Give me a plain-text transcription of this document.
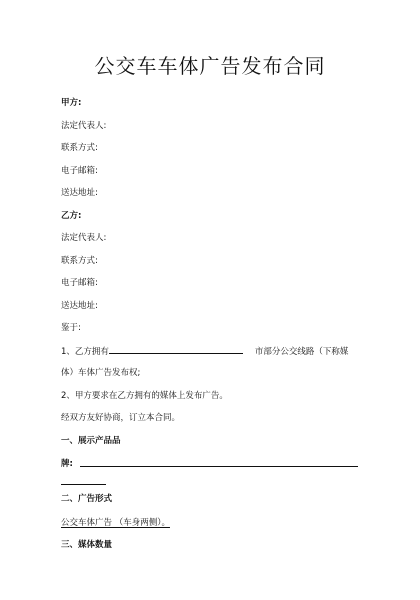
公交车车体广告发布合同
甲方:
法定代表人:
联系方式:
电子邮箱:
送达地址:
乙方:
法定代表人:
联系方式:
电子邮箱:
送达地址:
鉴于:
1、乙方拥有	市部分公交线路（下称媒
体）车体广告发布权;
2、甲方要求在乙方拥有的媒体上发布广告。
经双方友好协商，订立本合同。
一、展示产品品
牌:
二、广告形式
公交车体广告 （车身两侧）。
三、媒体数量
